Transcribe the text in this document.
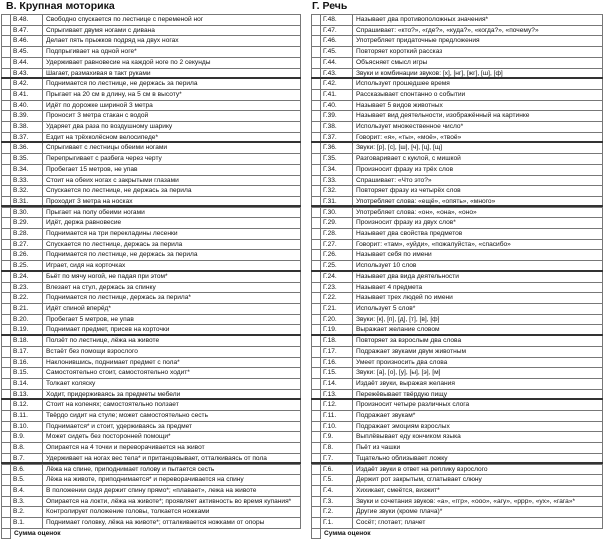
В. Крупная моторика	Г. Речь
	В.48.	Свободно спускается по лестнице с переменой ног
	В.47.	Спрыгивает двумя ногами с дивана
	В.46.	Делает пять прыжков подряд на двух ногах
	В.45.	Подпрыгивает на одной ноге*
	В.44.	Удерживает равновесие на каждой ноге по 2 секунды
	В.43.	Шагает, размахивая в такт руками
	В.42.	Поднимается по лестнице, не держась за перила
	В.41.	Прыгает на 20 см в длину, на 5 см в высоту*
	В.40.	Идёт по дорожке шириной 3 метра
	В.39.	Проносит 3 метра стакан с водой
	В.38.	Ударяет два раза по воздушному шарику
	В.37.	Ездит на трёхколёсном велосипеде*
	В.36.	Спрыгивает с лестницы обеими ногами
	В.35.	Перепрыгивает с разбега через черту
	В.34.	Пробегает 15 метров, не упав
	В.33.	Стоит на обеих ногах с закрытыми глазами
	В.32.	Спускается по лестнице, не держась за перила
	В.31.	Проходит 3 метра на носках
	В.30.	Прыгает на полу обеими ногами
	В.29.	Идёт, держа равновесие
	В.28.	Поднимается на три перекладины лесенки
	В.27.	Спускается по лестнице, держась за перила
	В.26.	Поднимается по лестнице, не держась за перила
	В.25.	Играет, сидя на корточках
	В.24.	Бьёт по мячу ногой, не падая при этом*
	В.23.	Влезает на стул, держась за спинку
	В.22.	Поднимается по лестнице, держась за перила*
	В.21.	Идёт спиной вперёд*
	В.20.	Пробегает 5 метров, не упав
	В.19.	Поднимает предмет, присев на корточки
	В.18.	Ползёт по лестнице, лёжа на животе
	В.17.	Встаёт без помощи взрослого
	В.16.	Наклонившись, поднимает предмет с пола*
	В.15.	Самостоятельно стоит, самостоятельно ходит*
	В.14.	Толкает коляску
	В.13.	Ходит, придерживаясь за предметы мебели
	В.12.	Стоит на коленях; самостоятельно ползает
	В.11.	Твёрдо сидит на стуле; может самостоятельно сесть
	В.10.	Поднимается* и стоит, удерживаясь за предмет
	В.9.	Может сидеть без посторонней помощи*
	В.8.	Опирается на 4 точки и переворачивается на живот
	В.7.	Удерживает на ногах вес тела* и пританцовывает, отталкиваясь от пола
	В.6.	Лёжа на спине, приподнимает голову и пытается сесть
	В.5.	Лёжа на животе, приподнимается* и переворачивается на спину
	В.4.	В положении сидя держит спину прямо*; «плавает», лежа на животе
	В.3.	Опирается на локти, лёжа на животе*; проявляет активность во время купания*
	В.2.	Контролирует положение головы, толкается ножками
	В.1.	Поднимает головку, лёжа на животе*; отталкивается ножками от опоры
	Сумма оценок	
	Г.48.	Называет два противоположных значения*
	Г.47.	Спрашивает: «кто?», «где?», «куда?», «когда?», «почему?»
	Г.46.	Употребляет придаточные предложения
	Г.45.	Повторяет короткий рассказ
	Г.44.	Объясняет смысл игры
	Г.43.	Звуки и комбинации звуков: [х], [нг], [жг], [ш], [ф]
	Г.42.	Использует прошедшее время
	Г.41.	Рассказывает спонтанно о событии
	Г.40.	Называет 5 видов животных
	Г.39.	Называет вид деятельности, изображённый на картинке
	Г.38.	Использует множественное число*
	Г.37.	Говорит: «я», «ты», «моё», «твоё»
	Г.36.	Звуки: [р], [с], [ш], [ч], [ц], [щ]
	Г.35.	Разговаривает с куклой, с мишкой
	Г.34.	Произносит фразу из трёх слов
	Г.33.	Спрашивает: «Что это?»
	Г.32.	Повторяет фразу из четырёх слов
	Г.31.	Употребляет слова: «ещё», «опять», «много»
	Г.30.	Употребляет слова: «он», «она», «оно»
	Г.29.	Произносит фразу из двух слов*
	Г.28.	Называет два свойства предметов
	Г.27.	Говорит: «там», «уйди», «пожалуйста», «спасибо»
	Г.26.	Называет себя по имени
	Г.25.	Использует 10 слов
	Г.24.	Называет два вида деятельности
	Г.23.	Называет 4 предмета
	Г.22.	Называет трех людей по имени
	Г.21.	Использует 5 слов*
	Г.20.	Звуки: [к], [п], [д], [т], [в], [ф]
	Г.19.	Выражает желание словом
	Г.18.	Повторяет за взрослым два слова
	Г.17.	Подражает звуками двум животным
	Г.16.	Умеет произносить два слова
	Г.15.	Звуки: [а], [о], [у], [ы], [э], [м]
	Г.14.	Издаёт звуки, выражая желания
	Г.13.	Пережёвывает твёрдую пищу
	Г.12.	Произносит четыре различных слога
	Г.11.	Подражает звукам*
	Г.10.	Подражает эмоциям взрослых
	Г.9.	Выплёвывает еду кончиком языка
	Г.8.	Пьёт из чашки
	Г.7.	Тщательно облизывает ложку
	Г.6.	Издаёт звуки в ответ на реплику взрослого
	Г.5.	Держит рот закрытым, сглатывает слюну
	Г.4.	Хихикает, смеётся, визжит*
	Г.3.	Звуки и сочетания звуков: «а», «ггр», «ооо», «агу», «ррр», «ух», «гага»*
	Г.2.	Другие звуки (кроме плача)*
	Г.1.	Сосёт; глотает; плачет
	Сумма оценок	
